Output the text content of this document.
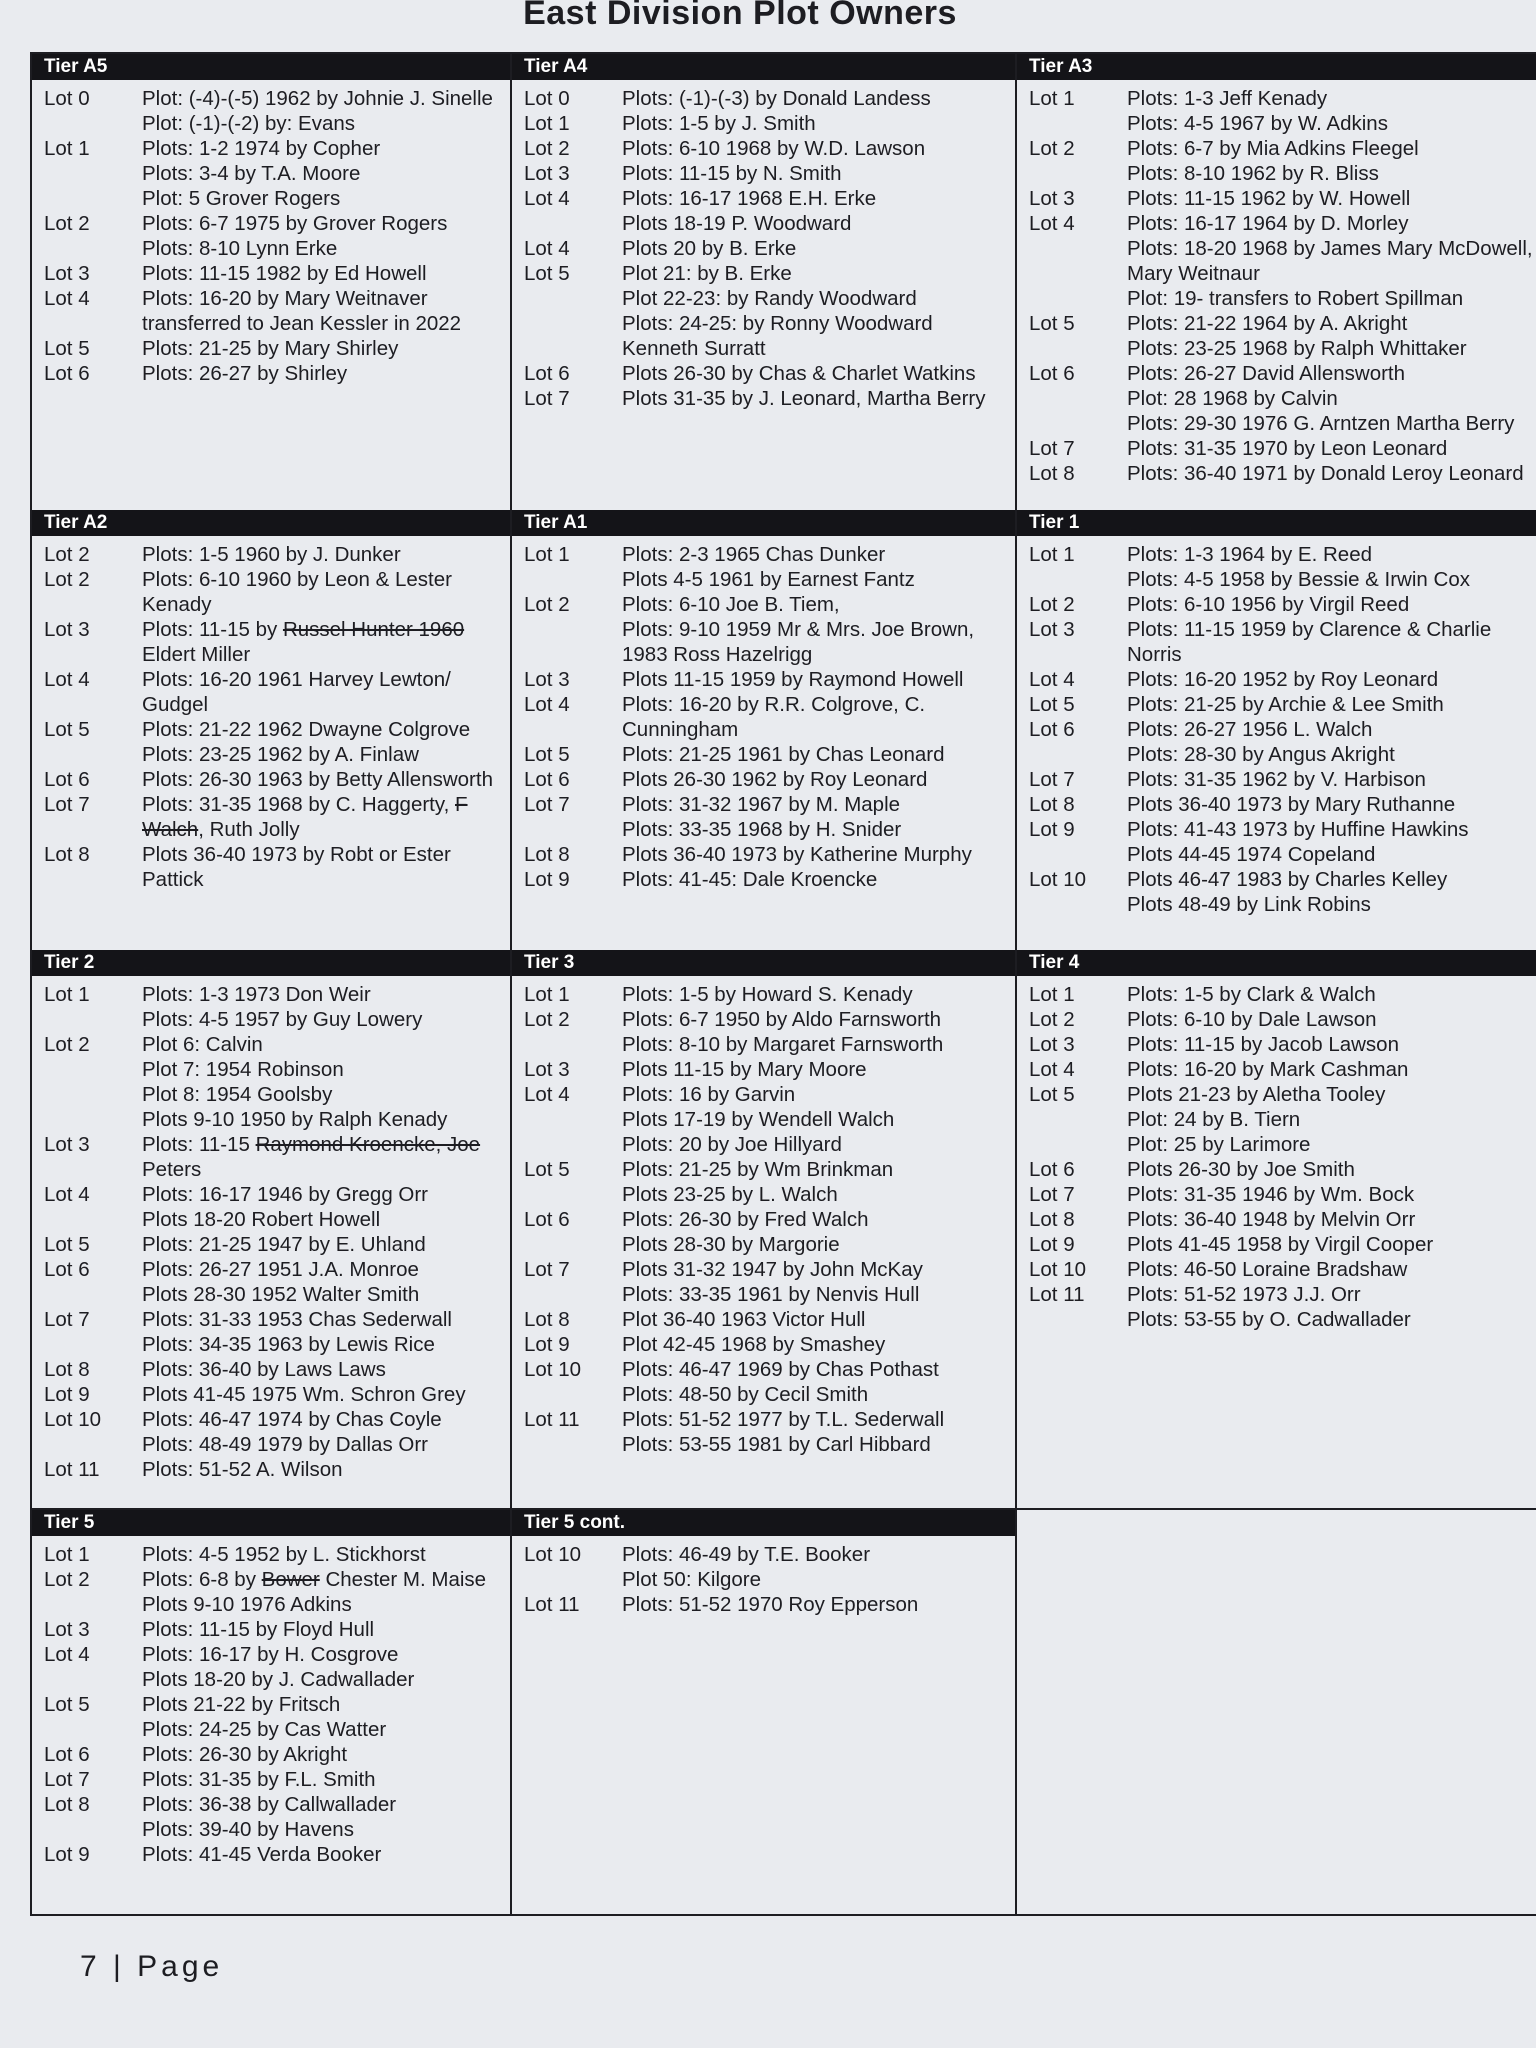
East Division Plot Owners
Tier A5
Lot 0	Plot: (-4)-(-5) 1962 by Johnie J. Sinelle
Plot: (-1)-(-2) by: Evans
Lot 1	Plots: 1-2 1974 by Copher
Plots: 3-4 by T.A. Moore
Plot: 5 Grover Rogers
Lot 2	Plots: 6-7 1975 by Grover Rogers
Plots: 8-10 Lynn Erke
Lot 3	Plots: 11-15 1982 by Ed Howell
Lot 4	Plots: 16-20 by Mary Weitnaver
transferred to Jean Kessler in 2022
Lot 5	Plots: 21-25 by Mary Shirley
Lot 6	Plots: 26-27 by Shirley
Tier A4
Lot 0	Plots: (-1)-(-3) by Donald Landess
Lot 1	Plots: 1-5 by J. Smith
Lot 2	Plots: 6-10 1968 by W.D. Lawson
Lot 3	Plots: 11-15 by N. Smith
Lot 4	Plots: 16-17 1968 E.H. Erke
Plots 18-19 P. Woodward
Lot 4	Plots 20 by B. Erke
Lot 5	Plot 21: by B. Erke
Plot 22-23: by Randy Woodward
Plots: 24-25: by Ronny Woodward
Kenneth Surratt
Lot 6	Plots 26-30 by Chas & Charlet Watkins
Lot 7	Plots 31-35 by J. Leonard, Martha Berry
Tier A3
Lot 1	Plots: 1-3 Jeff Kenady
Plots: 4-5 1967 by W. Adkins
Lot 2	Plots: 6-7 by Mia Adkins Fleegel
Plots: 8-10 1962 by R. Bliss
Lot 3	Plots: 11-15 1962 by W. Howell
Lot 4	Plots: 16-17 1964 by D. Morley
Plots: 18-20 1968 by James Mary McDowell, Mary Weitnaur
Plot: 19- transfers to Robert Spillman
Lot 5	Plots: 21-22 1964 by A. Akright
Plots: 23-25 1968 by Ralph Whittaker
Lot 6	Plots: 26-27 David Allensworth
Plot: 28 1968 by Calvin
Plots: 29-30 1976 G. Arntzen Martha Berry
Lot 7	Plots: 31-35 1970 by Leon Leonard
Lot 8	Plots: 36-40 1971 by Donald Leroy Leonard
Tier A2
Lot 2	Plots: 1-5 1960 by J. Dunker
Lot 2	Plots: 6-10 1960 by Leon & Lester Kenady
Lot 3	Plots: 11-15 by Russel Hunter 1960 Eldert Miller
Lot 4	Plots: 16-20 1961 Harvey Lewton/ Gudgel
Lot 5	Plots: 21-22 1962 Dwayne Colgrove
Plots: 23-25 1962 by A. Finlaw
Lot 6	Plots: 26-30 1963 by Betty Allensworth
Lot 7	Plots: 31-35 1968 by C. Haggerty, F Walch, Ruth Jolly
Lot 8	Plots 36-40 1973 by Robt or Ester Pattick
Tier A1
Lot 1	Plots: 2-3 1965 Chas Dunker
Plots 4-5 1961 by Earnest Fantz
Lot 2	Plots: 6-10 Joe B. Tiem,
Plots: 9-10 1959 Mr & Mrs. Joe Brown, 1983 Ross Hazelrigg
Lot 3	Plots 11-15 1959 by Raymond Howell
Lot 4	Plots: 16-20 by R.R. Colgrove, C. Cunningham
Lot 5	Plots: 21-25 1961 by Chas Leonard
Lot 6	Plots 26-30 1962 by Roy Leonard
Lot 7	Plots: 31-32 1967 by M. Maple
Plots: 33-35 1968 by H. Snider
Lot 8	Plots 36-40 1973 by Katherine Murphy
Lot 9	Plots: 41-45: Dale Kroencke
Tier 1
Lot 1	Plots: 1-3 1964 by E. Reed
Plots: 4-5 1958 by Bessie & Irwin Cox
Lot 2	Plots: 6-10 1956 by Virgil Reed
Lot 3	Plots: 11-15 1959 by Clarence & Charlie Norris
Lot 4	Plots: 16-20 1952 by Roy Leonard
Lot 5	Plots: 21-25 by Archie & Lee Smith
Lot 6	Plots: 26-27 1956 L. Walch
Plots: 28-30 by Angus Akright
Lot 7	Plots: 31-35 1962 by V. Harbison
Lot 8	Plots 36-40 1973 by Mary Ruthanne
Lot 9	Plots: 41-43 1973 by Huffine Hawkins
Plots 44-45 1974 Copeland
Lot 10	Plots 46-47 1983 by Charles Kelley
Plots 48-49 by Link Robins
Tier 2
Lot 1	Plots: 1-3 1973 Don Weir
Plots: 4-5 1957 by Guy Lowery
Lot 2	Plot 6: Calvin
Plot 7: 1954 Robinson
Plot 8: 1954 Goolsby
Plots 9-10 1950 by Ralph Kenady
Lot 3	Plots: 11-15 Raymond Kroencke, Joe Peters
Lot 4	Plots: 16-17 1946 by Gregg Orr
Plots 18-20 Robert Howell
Lot 5	Plots: 21-25 1947 by E. Uhland
Lot 6	Plots: 26-27 1951 J.A. Monroe
Plots 28-30 1952 Walter Smith
Lot 7	Plots: 31-33 1953 Chas Sederwall
Plots: 34-35 1963 by Lewis Rice
Lot 8	Plots: 36-40 by Laws Laws
Lot 9	Plots 41-45 1975 Wm. Schron Grey
Lot 10	Plots: 46-47 1974 by Chas Coyle
Plots: 48-49 1979 by Dallas Orr
Lot 11	Plots: 51-52 A. Wilson
Tier 3
Lot 1	Plots: 1-5 by Howard S. Kenady
Lot 2	Plots: 6-7 1950 by Aldo Farnsworth
Plots: 8-10 by Margaret Farnsworth
Lot 3	Plots 11-15 by Mary Moore
Lot 4	Plots: 16 by Garvin
Plots 17-19 by Wendell Walch
Plots: 20 by Joe Hillyard
Lot 5	Plots: 21-25 by Wm Brinkman
Plots 23-25 by L. Walch
Lot 6	Plots: 26-30 by Fred Walch
Plots 28-30 by Margorie
Lot 7	Plots 31-32 1947 by John McKay
Plots: 33-35 1961 by Nenvis Hull
Lot 8	Plot 36-40 1963 Victor Hull
Lot 9	Plot 42-45 1968 by Smashey
Lot 10	Plots: 46-47 1969 by Chas Pothast
Plots: 48-50 by Cecil Smith
Lot 11	Plots: 51-52 1977 by T.L. Sederwall
Plots: 53-55 1981 by Carl Hibbard
Tier 4
Lot 1	Plots: 1-5 by Clark & Walch
Lot 2	Plots: 6-10 by Dale Lawson
Lot 3	Plots: 11-15 by Jacob Lawson
Lot 4	Plots: 16-20 by Mark Cashman
Lot 5	Plots 21-23 by Aletha Tooley
Plot: 24 by B. Tiern
Plot: 25 by Larimore
Lot 6	Plots 26-30 by Joe Smith
Lot 7	Plots: 31-35 1946 by Wm. Bock
Lot 8	Plots: 36-40 1948 by Melvin Orr
Lot 9	Plots 41-45 1958 by Virgil Cooper
Lot 10	Plots: 46-50 Loraine Bradshaw
Lot 11	Plots: 51-52 1973 J.J. Orr
Plots: 53-55 by O. Cadwallader
Tier 5
Lot 1	Plots: 4-5 1952 by L. Stickhorst
Lot 2	Plots: 6-8 by Bower Chester M. Maise
Plots 9-10 1976 Adkins
Lot 3	Plots: 11-15 by Floyd Hull
Lot 4	Plots: 16-17 by H. Cosgrove
Plots 18-20 by J. Cadwallader
Lot 5	Plots 21-22 by Fritsch
Plots: 24-25 by Cas Watter
Lot 6	Plots: 26-30 by Akright
Lot 7	Plots: 31-35 by F.L. Smith
Lot 8	Plots: 36-38 by Callwallader
Plots: 39-40 by Havens
Lot 9	Plots: 41-45 Verda Booker
Tier 5 cont.
Lot 10	Plots: 46-49 by T.E. Booker
Plot 50: Kilgore
Lot 11	Plots: 51-52 1970 Roy Epperson
7 | Page
